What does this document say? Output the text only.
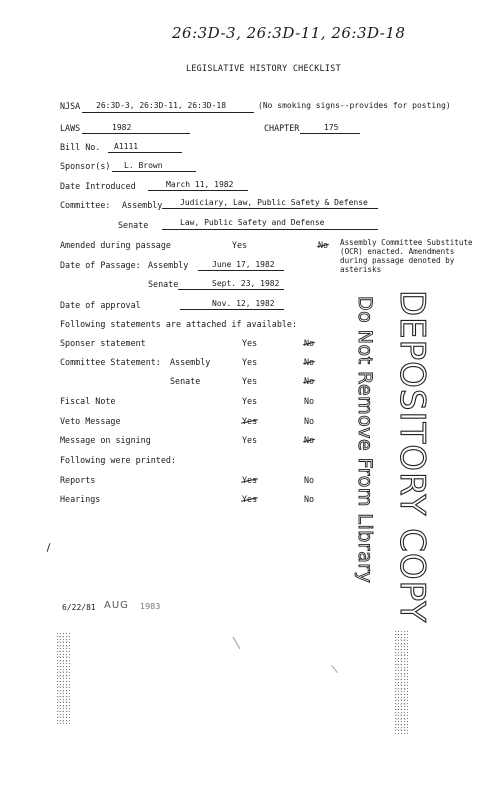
26:3D-3, 26:3D-11, 26:3D-18
LEGISLATIVE HISTORY CHECKLIST
NJSA 26:3D-3, 26:3D-11, 26:3D-18	(No smoking signs--provides for posting)
LAWS	1982	CHAPTER	175
Bill No. A1111
Sponsor(s) L. Brown
Date Introduced	March 11, 1982
Committee: Assembly Judiciary, Law, Public Safety & Defense
Senate	Law, Public Safety and Defense
Amended during passage	Yes	No Assembly Committee Substitute
(OCR) enacted. Amendments
during passage denoted by
asterisks
Date of Passage: Assembly	June 17, 1982
Senate	Sept. 23, 1982
Date of approval	Nov. 12, 1982
Following statements are attached if available:
Sponser statement	Yes	No
Committee Statement: Assembly	Yes	No
Senate	Yes	No
Fiscal Note	Yes	No
Veto Message	Yes	No
Message on signing	Yes	No
Following were printed:
Reports	Yes	No
Hearings	Yes	No DEPOSITORY COPY
Do Not Remove From Library
6/22/81 AUG 1983
